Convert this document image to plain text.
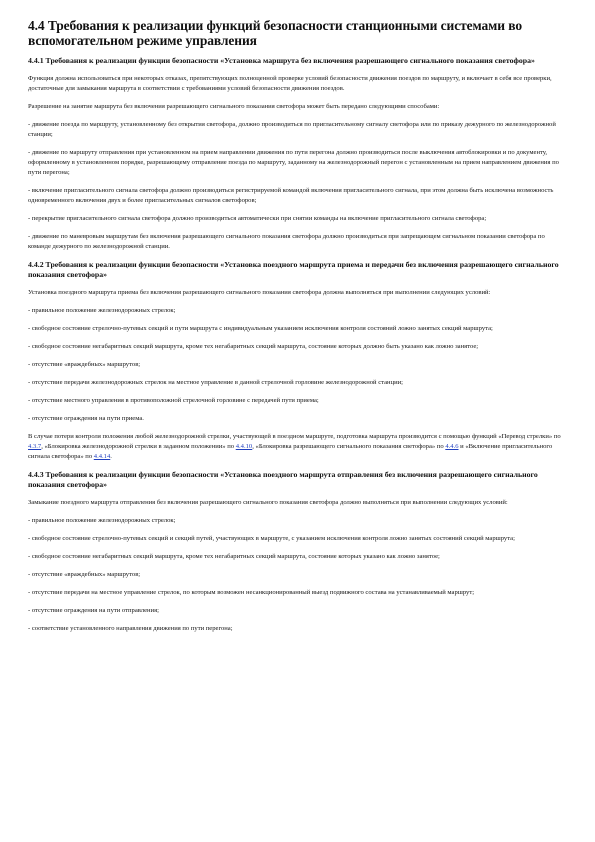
4.4 Требования к реализации функций безопасности станционными системами во вспомогательном режиме управления
4.4.1 Требования к реализации функции безопасности «Установка маршрута без включения разрешающего сигнального показания светофора»

Функция должна использоваться при некоторых отказах, препятствующих полноценной проверке условий безопасности движения поездов по маршруту, и включает в себя все проверки, достаточные для замыкания маршрута в соответствии с требованиями условий безопасности движения поездов.

Разрешение на занятие маршрута без включения разрешающего сигнального показания светофора может быть передано следующими способами:

- движение поезда по маршруту, установленному без открытия светофора, должно производиться по пригласительному сигналу светофора или по приказу дежурного по железнодорожной станции;

- движение по маршруту отправления при установленном на прием направлении движения по пути перегона должно производиться после выключения автоблокировки и по документу, оформленному в установленном порядке, разрешающему отправление поезда по маршруту, заданному на железнодорожный перегон с установленным на прием направлением движения по пути перегона;

- включение пригласительного сигнала светофора должно производиться регистрируемой командой включения пригласительного сигнала, при этом должна быть исключена возможность одновременного включения двух и более пригласительных сигналов светофоров;

- перекрытие пригласительного сигнала светофора должно производиться автоматически при снятии команды на включение пригласительного сигнала светофора;

- движение по маневровым маршрутам без включения разрешающего сигнального показания светофора должно производиться при запрещающем сигнальном показании светофора по команде дежурного по железнодорожной станции.

4.4.2 Требования к реализации функции безопасности «Установка поездного маршрута приема и передачи без включения разрешающего сигнального показания светофора»

Установка поездного маршрута приема без включения разрешающего сигнального показания светофора должна выполняться при выполнении следующих условий:

- правильное положение железнодорожных стрелок;

- свободное состояние стрелочно-путевых секций и пути маршрута с индивидуальным указанием исключения контроля состояний ложно занятых секций маршрута;

- свободное состояние негабаритных секций маршрута, кроме тех негабаритных секций маршрута, состояние которых должно быть указано как ложно занятое;

- отсутствие «враждебных» маршрутов;

- отсутствие передачи железнодорожных стрелок на местное управление в данной стрелочной горловине железнодорожной станции;

- отсутствие местного управления в противоположной стрелочной горловине с передачей пути приема;

- отсутствие ограждения на пути приема.

В случае потери контроля положения любой железнодорожной стрелки, участвующей в поездном маршруте, подготовка маршрута производится с помощью функций «Перевод стрелки» по 4.3.7, «Блокировка железнодорожной стрелки в заданном положении» по 4.4.10, «Блокировка разрешающего сигнального показания светофора» по 4.4.6 и «Включение пригласительного сигнала светофора» по 4.4.14.

4.4.3 Требования к реализации функции безопасности «Установка поездного маршрута отправления без включения разрешающего сигнального показания светофора»

Замыкание поездного маршрута отправления без включения разрешающего сигнального показания светофора должно выполняться при выполнении следующих условий:

- правильное положение железнодорожных стрелок;

- свободное состояние стрелочно-путевых секций и секций путей, участвующих в маршруте, с указанием исключения контроля ложно занятых состояний секций маршрута;

- свободное состояние негабаритных секций маршрута, кроме тех негабаритных секций маршрута, состояние которых указано как ложно занятое;

- отсутствие «враждебных» маршрутов;

- отсутствие передачи на местное управление стрелок, по которым возможен несанкционированный выезд подвижного состава на устанавливаемый маршрут;

- отсутствие ограждения на пути отправления;

- соответствие установленного направления движения по пути перегона;
